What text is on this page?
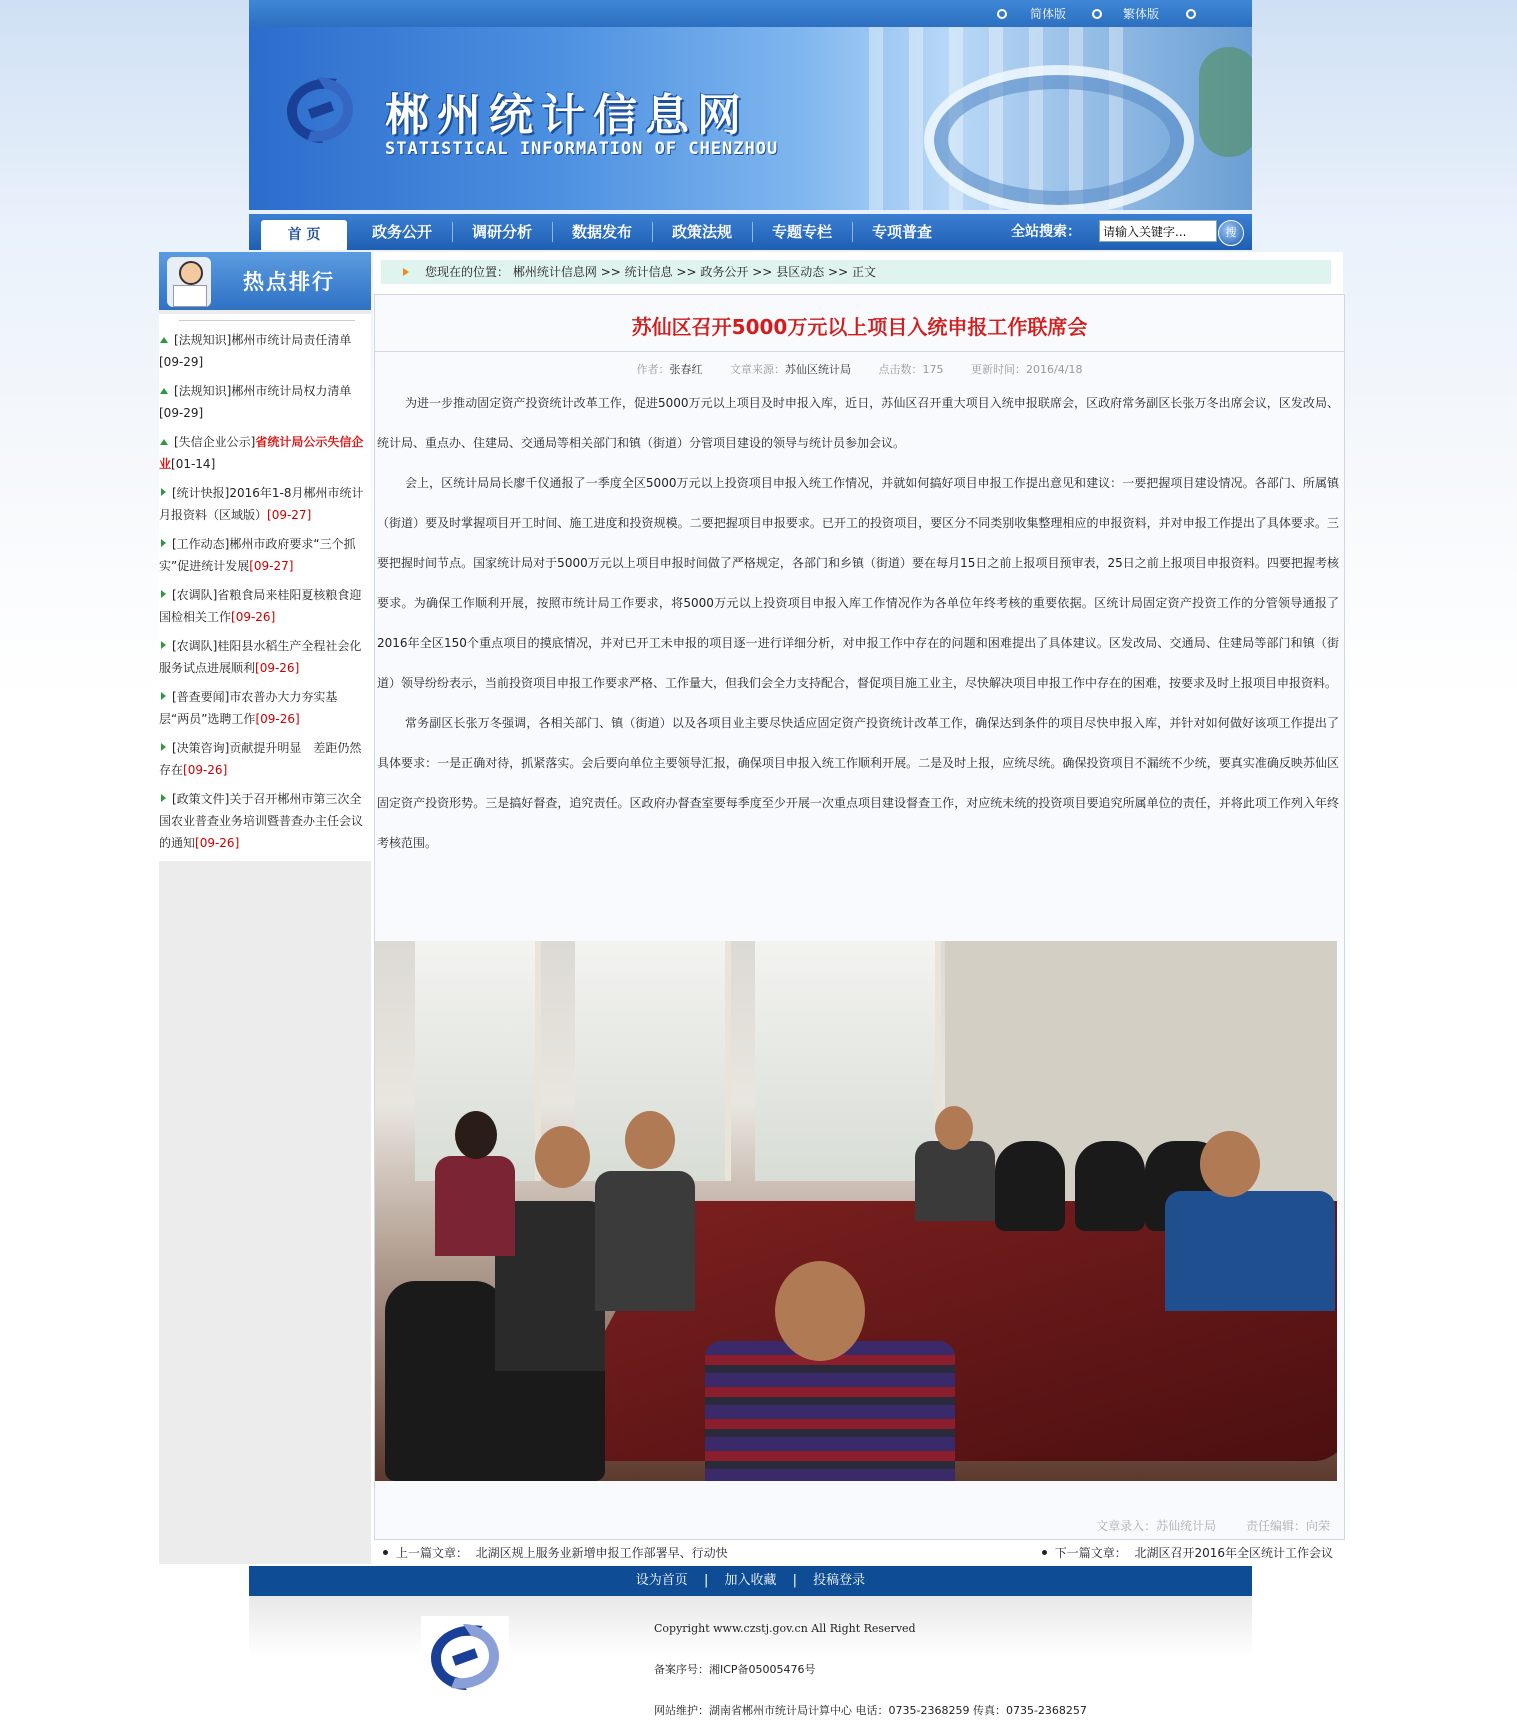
简体版	繁体版
郴州统计信息网
STATISTICAL INFORMATION OF CHENZHOU
首 页	政务公开	调研分析	数据发布	政策法规	专题专栏	专项普查	全站搜索：
请输入关键字...	搜
热点排行
[法规知识]郴州市统计局责任清单
[09-29]
[法规知识]郴州市统计局权力清单
[09-29]
[失信企业公示]省统计局公示失信企业[01-14]
[统计快报]2016年1-8月郴州市统计月报资料（区域版）[09-27]
[工作动态]郴州市政府要求“三个抓实”促进统计发展[09-27]
[农调队]省粮食局来桂阳夏核粮食迎国检相关工作[09-26]
[农调队]桂阳县水稻生产全程社会化服务试点进展顺利[09-26]
[普查要闻]市农普办大力夯实基层“两员”选聘工作[09-26]
[决策咨询]贡献提升明显　差距仍然存在[09-26]
[政策文件]关于召开郴州市第三次全国农业普查业务培训暨普查办主任会议的通知[09-26]
您现在的位置： 郴州统计信息网 >> 统计信息 >> 政务公开 >> 县区动态 >> 正文
苏仙区召开5000万元以上项目入统申报工作联席会
作者：张春红	文章来源：苏仙区统计局	点击数：175	更新时间：2016/4/18

为进一步推动固定资产投资统计改革工作，促进5000万元以上项目及时申报入库，近日，苏仙区召开重大项目入统申报联席会，区政府常务副区长张万冬出席会议，区发改局、统计局、重点办、住建局、交通局等相关部门和镇（街道）分管项目建设的领导与统计员参加会议。

会上，区统计局局长廖千仪通报了一季度全区5000万元以上投资项目申报入统工作情况，并就如何搞好项目申报工作提出意见和建议：一要把握项目建设情况。各部门、所属镇（街道）要及时掌握项目开工时间、施工进度和投资规模。二要把握项目申报要求。已开工的投资项目，要区分不同类别收集整理相应的申报资料，并对申报工作提出了具体要求。三要把握时间节点。国家统计局对于5000万元以上项目申报时间做了严格规定，各部门和乡镇（街道）要在每月15日之前上报项目预审表，25日之前上报项目申报资料。四要把握考核要求。为确保工作顺利开展，按照市统计局工作要求，将5000万元以上投资项目申报入库工作情况作为各单位年终考核的重要依据。区统计局固定资产投资工作的分管领导通报了2016年全区150个重点项目的摸底情况，并对已开工未申报的项目逐一进行详细分析，对申报工作中存在的问题和困难提出了具体建议。区发改局、交通局、住建局等部门和镇（街道）领导纷纷表示，当前投资项目申报工作要求严格、工作量大，但我们会全力支持配合，督促项目施工业主，尽快解决项目申报工作中存在的困难，按要求及时上报项目申报资料。

常务副区长张万冬强调，各相关部门、镇（街道）以及各项目业主要尽快适应固定资产投资统计改革工作，确保达到条件的项目尽快申报入库，并针对如何做好该项工作提出了具体要求：一是正确对待，抓紧落实。会后要向单位主要领导汇报，确保项目申报入统工作顺利开展。二是及时上报，应统尽统。确保投资项目不漏统不少统，要真实准确反映苏仙区固定资产投资形势。三是搞好督查，追究责任。区政府办督查室要每季度至少开展一次重点项目建设督查工作，对应统未统的投资项目要追究所属单位的责任，并将此项工作列入年终考核范围。

文章录入：苏仙统计局 责任编辑：向荣
上一篇文章： 北湖区规上服务业新增申报工作部署早、行动快	下一篇文章： 北湖区召开2016年全区统计工作会议
设为首页 | 加入收藏 | 投稿登录
Copyright www.czstj.gov.cn All Right Reserved
备案序号：湘ICP备05005476号
网站维护：湖南省郴州市统计局计算中心 电话：0735-2368259 传真：0735-2368257
